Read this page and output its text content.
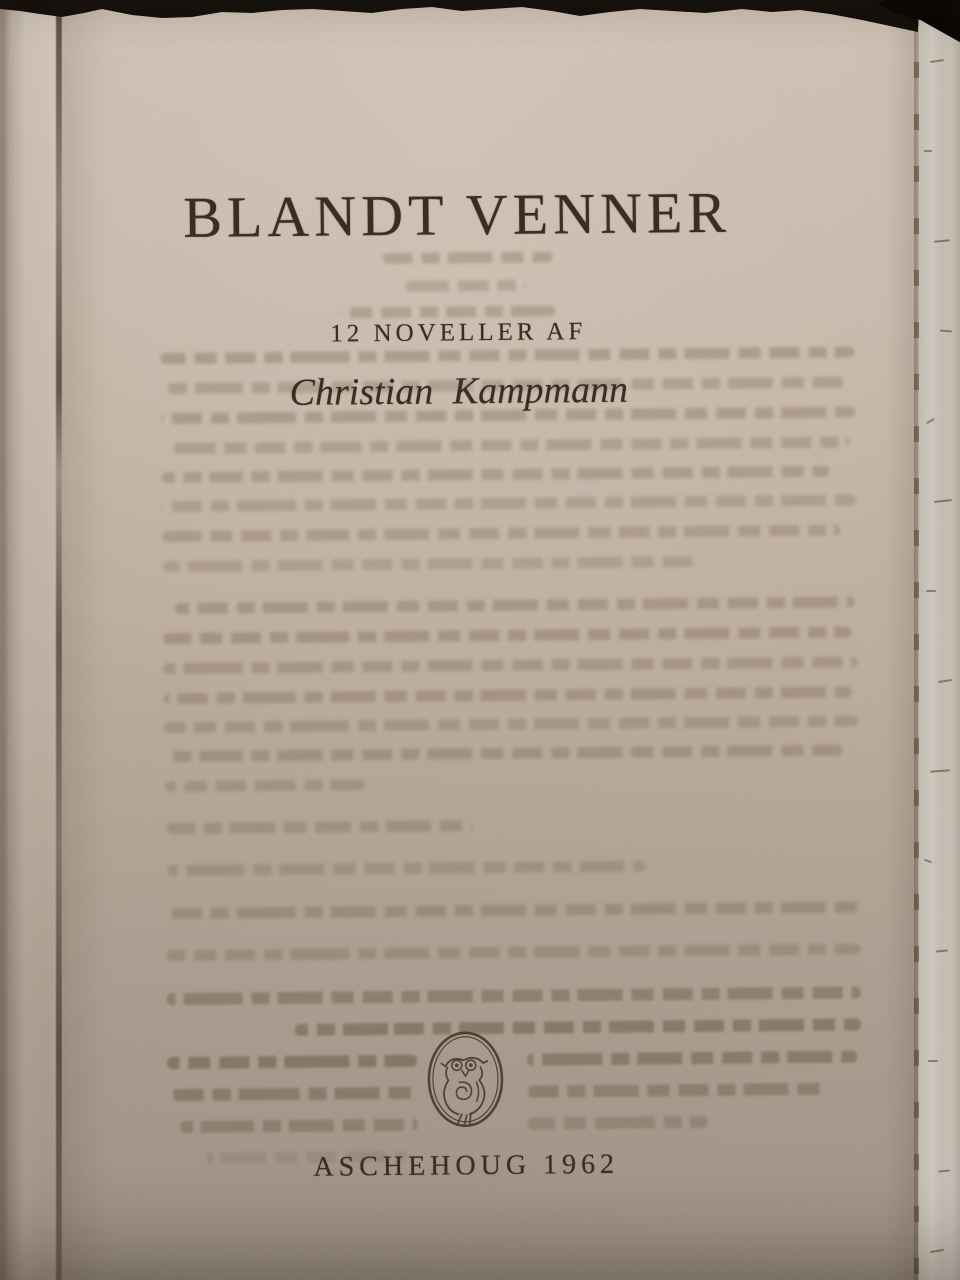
BLANDT VENNER
12 NOVELLER AF
Christian Kampmann
ASCHEHOUG 1962
